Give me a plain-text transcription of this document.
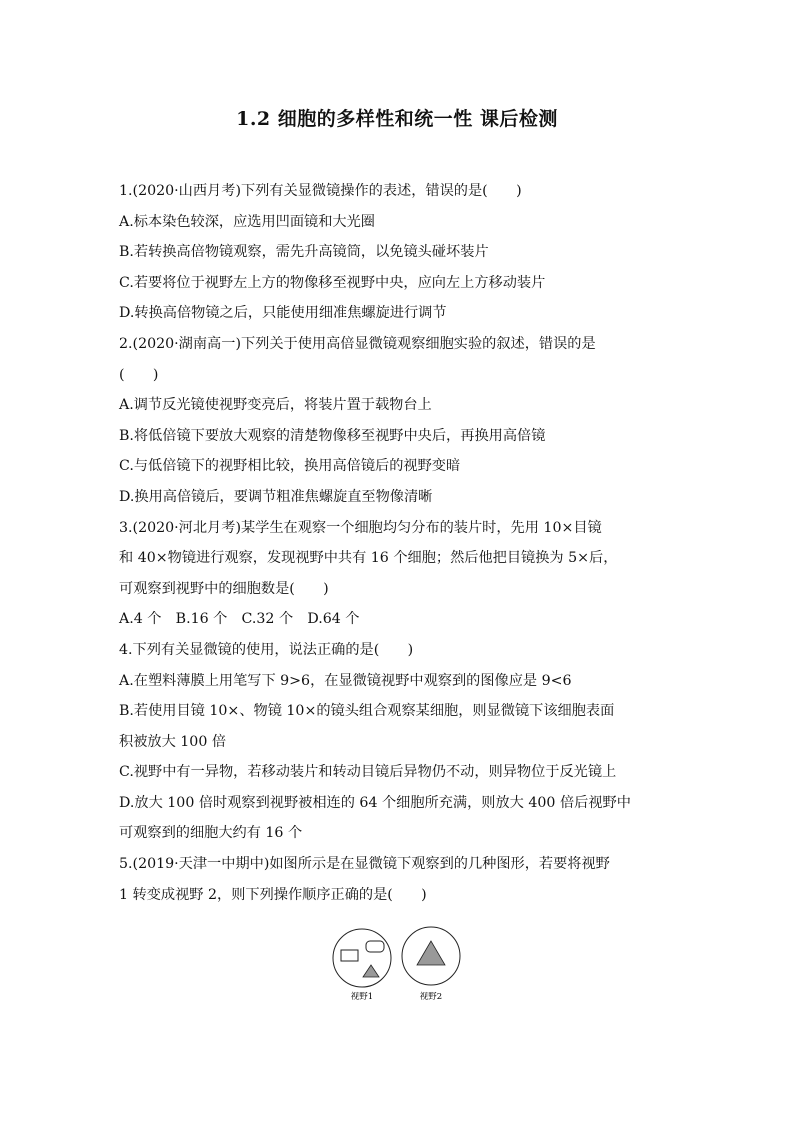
1.2 细胞的多样性和统一性 课后检测
1.(2020·山西月考)下列有关显微镜操作的表述，错误的是(　　)
A.标本染色较深，应选用凹面镜和大光圈
B.若转换高倍物镜观察，需先升高镜筒，以免镜头碰坏装片
C.若要将位于视野左上方的物像移至视野中央，应向左上方移动装片
D.转换高倍物镜之后，只能使用细准焦螺旋进行调节
2.(2020·湖南高一)下列关于使用高倍显微镜观察细胞实验的叙述，错误的是
(　　)
A.调节反光镜使视野变亮后，将装片置于载物台上
B.将低倍镜下要放大观察的清楚物像移至视野中央后，再换用高倍镜
C.与低倍镜下的视野相比较，换用高倍镜后的视野变暗
D.换用高倍镜后，要调节粗准焦螺旋直至物像清晰
3.(2020·河北月考)某学生在观察一个细胞均匀分布的装片时，先用 10×目镜
和 40×物镜进行观察，发现视野中共有 16 个细胞；然后他把目镜换为 5×后，
可观察到视野中的细胞数是(　　)
A.4 个　B.16 个　C.32 个　D.64 个
4.下列有关显微镜的使用，说法正确的是(　　)
A.在塑料薄膜上用笔写下 9>6，在显微镜视野中观察到的图像应是 9<6
B.若使用目镜 10×、物镜 10×的镜头组合观察某细胞，则显微镜下该细胞表面
积被放大 100 倍
C.视野中有一异物，若移动装片和转动目镜后异物仍不动，则异物位于反光镜上
D.放大 100 倍时观察到视野被相连的 64 个细胞所充满，则放大 400 倍后视野中
可观察到的细胞大约有 16 个
5.(2019·天津一中期中)如图所示是在显微镜下观察到的几种图形，若要将视野
1 转变成视野 2，则下列操作顺序正确的是(　　)
视野1	视野2
